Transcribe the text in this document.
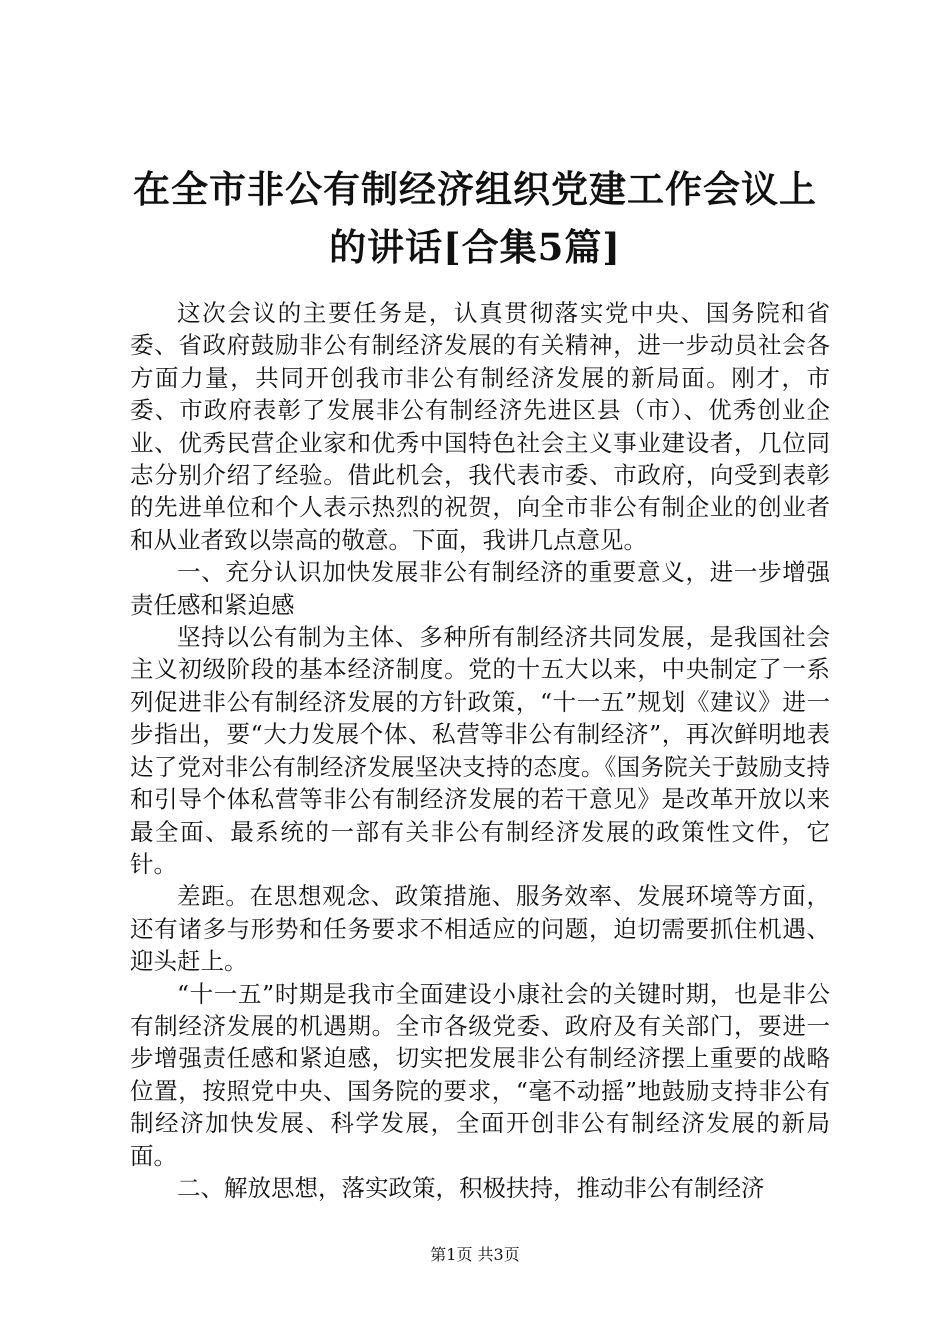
在全市非公有制经济组织党建工作会议上的讲话[合集5篇]

这次会议的主要任务是，认真贯彻落实党中央、国务院和省委、省政府鼓励非公有制经济发展的有关精神，进一步动员社会各方面力量，共同开创我市非公有制经济发展的新局面。刚才，市委、市政府表彰了发展非公有制经济先进区县（市）、优秀创业企业、优秀民营企业家和优秀中国特色社会主义事业建设者，几位同志分别介绍了经验。借此机会，我代表市委、市政府，向受到表彰的先进单位和个人表示热烈的祝贺，向全市非公有制企业的创业者和从业者致以崇高的敬意。下面，我讲几点意见。

一、充分认识加快发展非公有制经济的重要意义，进一步增强责任感和紧迫感

坚持以公有制为主体、多种所有制经济共同发展，是我国社会主义初级阶段的基本经济制度。党的十五大以来，中央制定了一系列促进非公有制经济发展的方针政策，“十一五”规划《建议》进一步指出，要“大力发展个体、私营等非公有制经济”，再次鲜明地表达了党对非公有制经济发展坚决支持的态度。《国务院关于鼓励支持和引导个体私营等非公有制经济发展的若干意见》是改革开放以来最全面、最系统的一部有关非公有制经济发展的政策性文件，它针。

差距。在思想观念、政策措施、服务效率、发展环境等方面，还有诸多与形势和任务要求不相适应的问题，迫切需要抓住机遇、迎头赶上。

“十一五”时期是我市全面建设小康社会的关键时期，也是非公有制经济发展的机遇期。全市各级党委、政府及有关部门，要进一步增强责任感和紧迫感，切实把发展非公有制经济摆上重要的战略位置，按照党中央、国务院的要求，“毫不动摇”地鼓励支持非公有制经济加快发展、科学发展，全面开创非公有制经济发展的新局面。

二、解放思想，落实政策，积极扶持，推动非公有制经济

第1页 共3页
